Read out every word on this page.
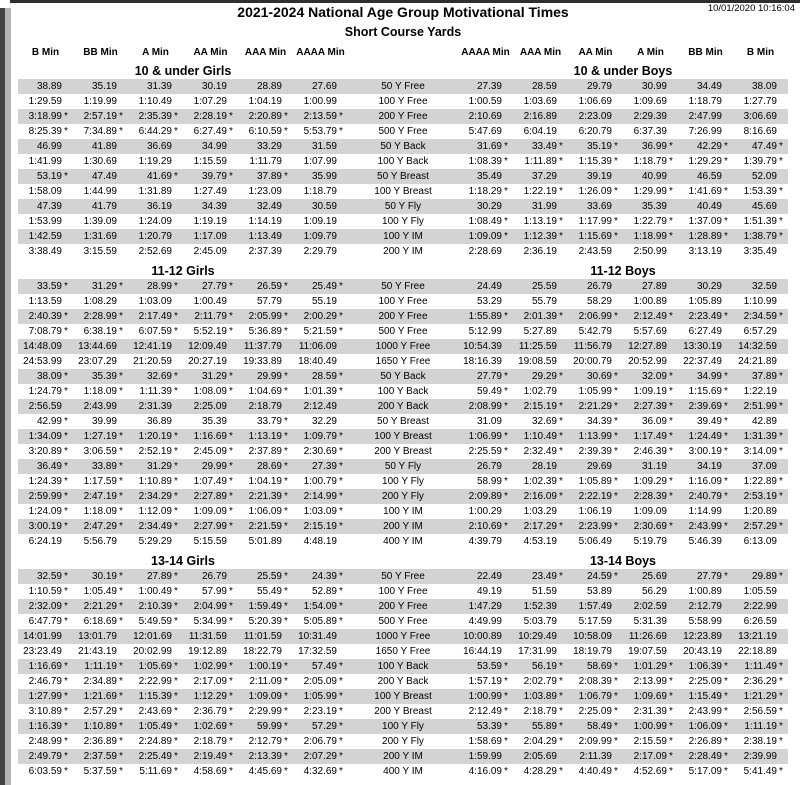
10/01/2020 10:16:04
2021-2024 National Age Group Motivational Times
Short Course Yards
B Min	BB Min	A Min	AA Min	AAA Min	AAAA Min	AAAA Min	AAA Min	AA Min	A Min	BB Min	B Min
10 & under Girls	10 & under Boys
38.89	35.19	31.39	30.19	28.89	27.69	50 Y Free	27.39	28.59	29.79	30.99	34.49	38.09
1:29.59 1:19.99 1:10.49 1:07.29 1:04.19 1:00.99	100 Y Free	1:00.59 1:03.69 1:06.69 1:09.69 1:18.79 1:27.79
3:18.99 *	2:57.19 *	2:35.39 *	2:28.19 *	2:20.89 *	2:13.59 *	200 Y Free	2:10.69 2:16.89 2:23.09 2:29.39 2:47.99 3:06.69
8:25.39 *	7:34.89 *	6:44.29 *	6:27.49 *	6:10.59 *	5:53.79 *	500 Y Free	5:47.69 6:04.19 6:20.79 6:37.39 7:26.99 8:16.69
46.99	41.89	36.69	34.99	33.29	31.59	50 Y Back	31.69 *	33.49 *	35.19 *	36.99 *	42.29 *	47.49 *
1:41.99 1:30.69 1:19.29 1:15.59 1:11.79 1:07.99	100 Y Back	1:08.39 *	1:11.89 *	1:15.39 *	1:18.79 *	1:29.29 *	1:39.79 *
53.19 *	47.49	41.69 *	39.79 *	37.89 *	35.99	50 Y Breast	35.49	37.29	39.19	40.99	46.59	52.09
1:58.09 1:44.99 1:31.89 1:27.49 1:23.09 1:18.79	100 Y Breast	1:18.29 *	1:22.19 *	1:26.09 *	1:29.99 *	1:41.69 *	1:53.39 *
47.39	41.79	36.19	34.39	32.49	30.59	50 Y Fly	30.29	31.99	33.69	35.39	40.49	45.69
1:53.99 1:39.09 1:24.09 1:19.19 1:14.19 1:09.19	100 Y Fly	1:08.49 *	1:13.19 *	1:17.99 *	1:22.79 *	1:37.09 *	1:51.39 *
1:42.59 1:31.69 1:20.79 1:17.09 1:13.49 1:09.79	100 Y IM	1:09.09 *	1:12.39 *	1:15.69 *	1:18.99 *	1:28.89 *	1:38.79 *
3:38.49 3:15.59 2:52.69 2:45.09 2:37.39 2:29.79	200 Y IM	2:28.69 2:36.19 2:43.59 2:50.99 3:13.19 3:35.49
11-12 Girls	11-12 Boys
33.59 *	31.29 *	28.99 *	27.79 *	26.59 *	25.49 *	50 Y Free	24.49	25.59	26.79	27.89	30.29	32.59
1:13.59 1:08.29 1:03.09 1:00.49	57.79	55.19	100 Y Free	53.29	55.79	58.29 1:00.89 1:05.89 1:10.99
2:40.39 *	2:28.99 *	2:17.49 *	2:11.79 *	2:05.99 *	2:00.29 *	200 Y Free	1:55.89 *	2:01.39 *	2:06.99 *	2:12.49 *	2:23.49 *	2:34.59 *
7:08.79 *	6:38.19 *	6:07.59 *	5:52.19 *	5:36.89 *	5:21.59 *	500 Y Free	5:12.99 5:27.89 5:42.79 5:57.69 6:27.49 6:57.29
14:48.09 13:44.69 12:41.19 12:09.49 11:37.79 11:06.09	1000 Y Free	10:54.39 11:25.59 11:56.79 12:27.89 13:30.19 14:32.59
24:53.99 23:07.29 21:20.59 20:27.19 19:33.89 18:40.49	1650 Y Free	18:16.39 19:08.59 20:00.79 20:52.99 22:37.49 24:21.89
38.09 *	35.39 *	32.69 *	31.29 *	29.99 *	28.59 *	50 Y Back	27.79 *	29.29 *	30.69 *	32.09 *	34.99 *	37.89 *
1:24.79 *	1:18.09 *	1:11.39 *	1:08.09 *	1:04.69 *	1:01.39 *	100 Y Back	59.49 *	1:02.79 1:05.99 *	1:09.19 *	1:15.69 *	1:22.19
2:56.59 2:43.99 2:31.39 2:25.09 2:18.79 2:12.49	200 Y Back	2:08.99 *	2:15.19 *	2:21.29 *	2:27.39 *	2:39.69 *	2:51.99 *
42.99 *	39.99	36.89	35.39	33.79 *	32.29	50 Y Breast	31.09	32.69 *	34.39 *	36.09 *	39.49 *	42.89
1:34.09 *	1:27.19 *	1:20.19 *	1:16.69 *	1:13.19 *	1:09.79 *	100 Y Breast	1:06.99 *	1:10.49 *	1:13.99 *	1:17.49 *	1:24.49 *	1:31.39 *
3:20.89 *	3:06.59 *	2:52.19 *	2:45.09 *	2:37.89 *	2:30.69 *	200 Y Breast	2:25.59 *	2:32.49 *	2:39.39 *	2:46.39 *	3:00.19 *	3:14.09 *
36.49 *	33.89 *	31.29 *	29.99 *	28.69 *	27.39 *	50 Y Fly	26.79	28.19	29.69	31.19	34.19	37.09
1:24.39 *	1:17.59 *	1:10.89 *	1:07.49 *	1:04.19 *	1:00.79 *	100 Y Fly	58.99 *	1:02.39 *	1:05.89 *	1:09.29 *	1:16.09 *	1:22.89 *
2:59.99 *	2:47.19 *	2:34.29 *	2:27.89 *	2:21.39 *	2:14.99 *	200 Y Fly	2:09.89 *	2:16.09 *	2:22.19 *	2:28.39 *	2:40.79 *	2:53.19 *
1:24.09 *	1:18.09 *	1:12.09 *	1:09.09 *	1:06.09 *	1:03.09 *	100 Y IM	1:00.29 1:03.29 1:06.19 1:09.09 1:14.99 1:20.89
3:00.19 *	2:47.29 *	2:34.49 *	2:27.99 *	2:21.59 *	2:15.19 *	200 Y IM	2:10.69 *	2:17.29 *	2:23.99 *	2:30.69 *	2:43.99 *	2:57.29 *
6:24.19 5:56.79 5:29.29 5:15.59 5:01.89 4:48.19	400 Y IM	4:39.79 4:53.19 5:06.49 5:19.79 5:46.39 6:13.09
13-14 Girls	13-14 Boys
32.59 *	30.19 *	27.89 *	26.79	25.59 *	24.39 *	50 Y Free	22.49	23.49 *	24.59 *	25.69	27.79 *	29.89 *
1:10.59 *	1:05.49 *	1:00.49 *	57.99 *	55.49 *	52.89 *	100 Y Free	49.19	51.59	53.89	56.29 1:00.89 1:05.59
2:32.09 *	2:21.29 *	2:10.39 *	2:04.99 *	1:59.49 *	1:54.09 *	200 Y Free	1:47.29 1:52.39 1:57.49 2:02.59 2:12.79 2:22.99
6:47.79 *	6:18.69 *	5:49.59 *	5:34.99 *	5:20.39 *	5:05.89 *	500 Y Free	4:49.99 5:03.79 5:17.59 5:31.39 5:58.99 6:26.59
14:01.99 13:01.79 12:01.69 11:31.59 11:01.59 10:31.49	1000 Y Free	10:00.89 10:29.49 10:58.09 11:26.69 12:23.89 13:21.19
23:23.49 21:43.19 20:02.99 19:12.89 18:22.79 17:32.59	1650 Y Free	16:44.19 17:31.99 18:19.79 19:07.59 20:43.19 22:18.89
1:16.69 *	1:11.19 *	1:05.69 *	1:02.99 *	1:00.19 *	57.49 *	100 Y Back	53.59 *	56.19 *	58.69 *	1:01.29 *	1:06.39 *	1:11.49 *
2:46.79 *	2:34.89 *	2:22.99 *	2:17.09 *	2:11.09 *	2:05.09 *	200 Y Back	1:57.19 *	2:02.79 *	2:08.39 *	2:13.99 *	2:25.09 *	2:36.29 *
1:27.99 *	1:21.69 *	1:15.39 *	1:12.29 *	1:09.09 *	1:05.99 *	100 Y Breast	1:00.99 *	1:03.89 *	1:06.79 *	1:09.69 *	1:15.49 *	1:21.29 *
3:10.89 *	2:57.29 *	2:43.69 *	2:36.79 *	2:29.99 *	2:23.19 *	200 Y Breast	2:12.49 *	2:18.79 *	2:25.09 *	2:31.39 *	2:43.99 *	2:56.59 *
1:16.39 *	1:10.89 *	1:05.49 *	1:02.69 *	59.99 *	57.29 *	100 Y Fly	53.39 *	55.89 *	58.49 *	1:00.99 *	1:06.09 *	1:11.19 *
2:48.99 *	2:36.89 *	2:24.89 *	2:18.79 *	2:12.79 *	2:06.79 *	200 Y Fly	1:58.69 *	2:04.29 *	2:09.99 *	2:15.59 *	2:26.89 *	2:38.19 *
2:49.79 *	2:37.59 *	2:25.49 *	2:19.49 *	2:13.39 *	2:07.29 *	200 Y IM	1:59.99 2:05.69 2:11.39 2:17.09 *	2:28.49 *	2:39.99
6:03.59 *	5:37.59 *	5:11.69 *	4:58.69 *	4:45.69 *	4:32.69 *	400 Y IM	4:16.09 *	4:28.29 *	4:40.49 *	4:52.69 *	5:17.09 *	5:41.49 *
